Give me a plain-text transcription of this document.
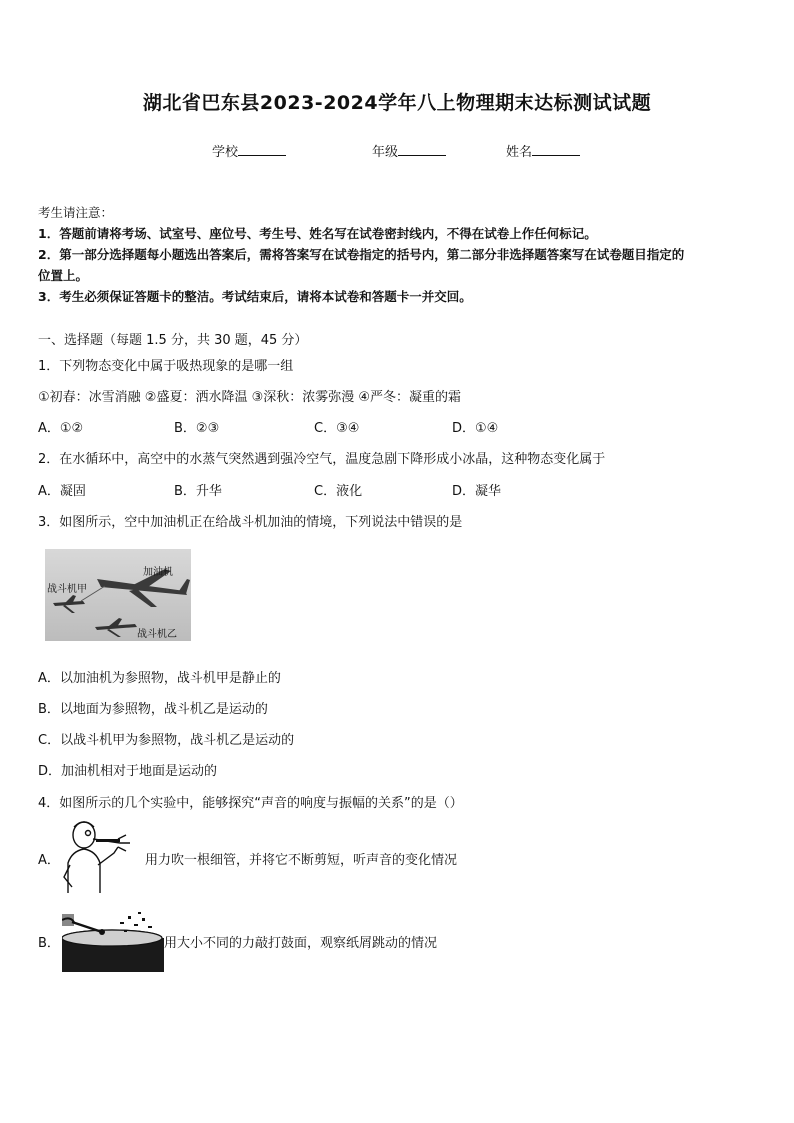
湖北省巴东县2023-2024学年八上物理期末达标测试试题
学校	年级	姓名
考生请注意：
1．答题前请将考场、试室号、座位号、考生号、姓名写在试卷密封线内，不得在试卷上作任何标记。
2．第一部分选择题每小题选出答案后，需将答案写在试卷指定的括号内，第二部分非选择题答案写在试卷题目指定的
位置上。
3．考生必须保证答题卡的整洁。考试结束后，请将本试卷和答题卡一并交回。
一、选择题（每题 1.5 分，共 30 题，45 分）
1．下列物态变化中属于吸热现象的是哪一组
①初春：冰雪消融 ②盛夏：洒水降温 ③深秋：浓雾弥漫 ④严冬：凝重的霜
A．①②	B．②③	C．③④	D．①④
2．在水循环中，高空中的水蒸气突然遇到强冷空气，温度急剧下降形成小冰晶，这种物态变化属于
A．凝固	B．升华	C．液化	D．凝华
3．如图所示，空中加油机正在给战斗机加油的情境，下列说法中错误的是
加油机
战斗机甲
战斗机乙
A．以加油机为参照物，战斗机甲是静止的
B．以地面为参照物，战斗机乙是运动的
C．以战斗机甲为参照物，战斗机乙是运动的
D．加油机相对于地面是运动的
4．如图所示的几个实验中，能够探究“声音的响度与振幅的关系”的是（）
A．	用力吹一根细管，并将它不断剪短，听声音的变化情况
B．	用大小不同的力敲打鼓面，观察纸屑跳动的情况
